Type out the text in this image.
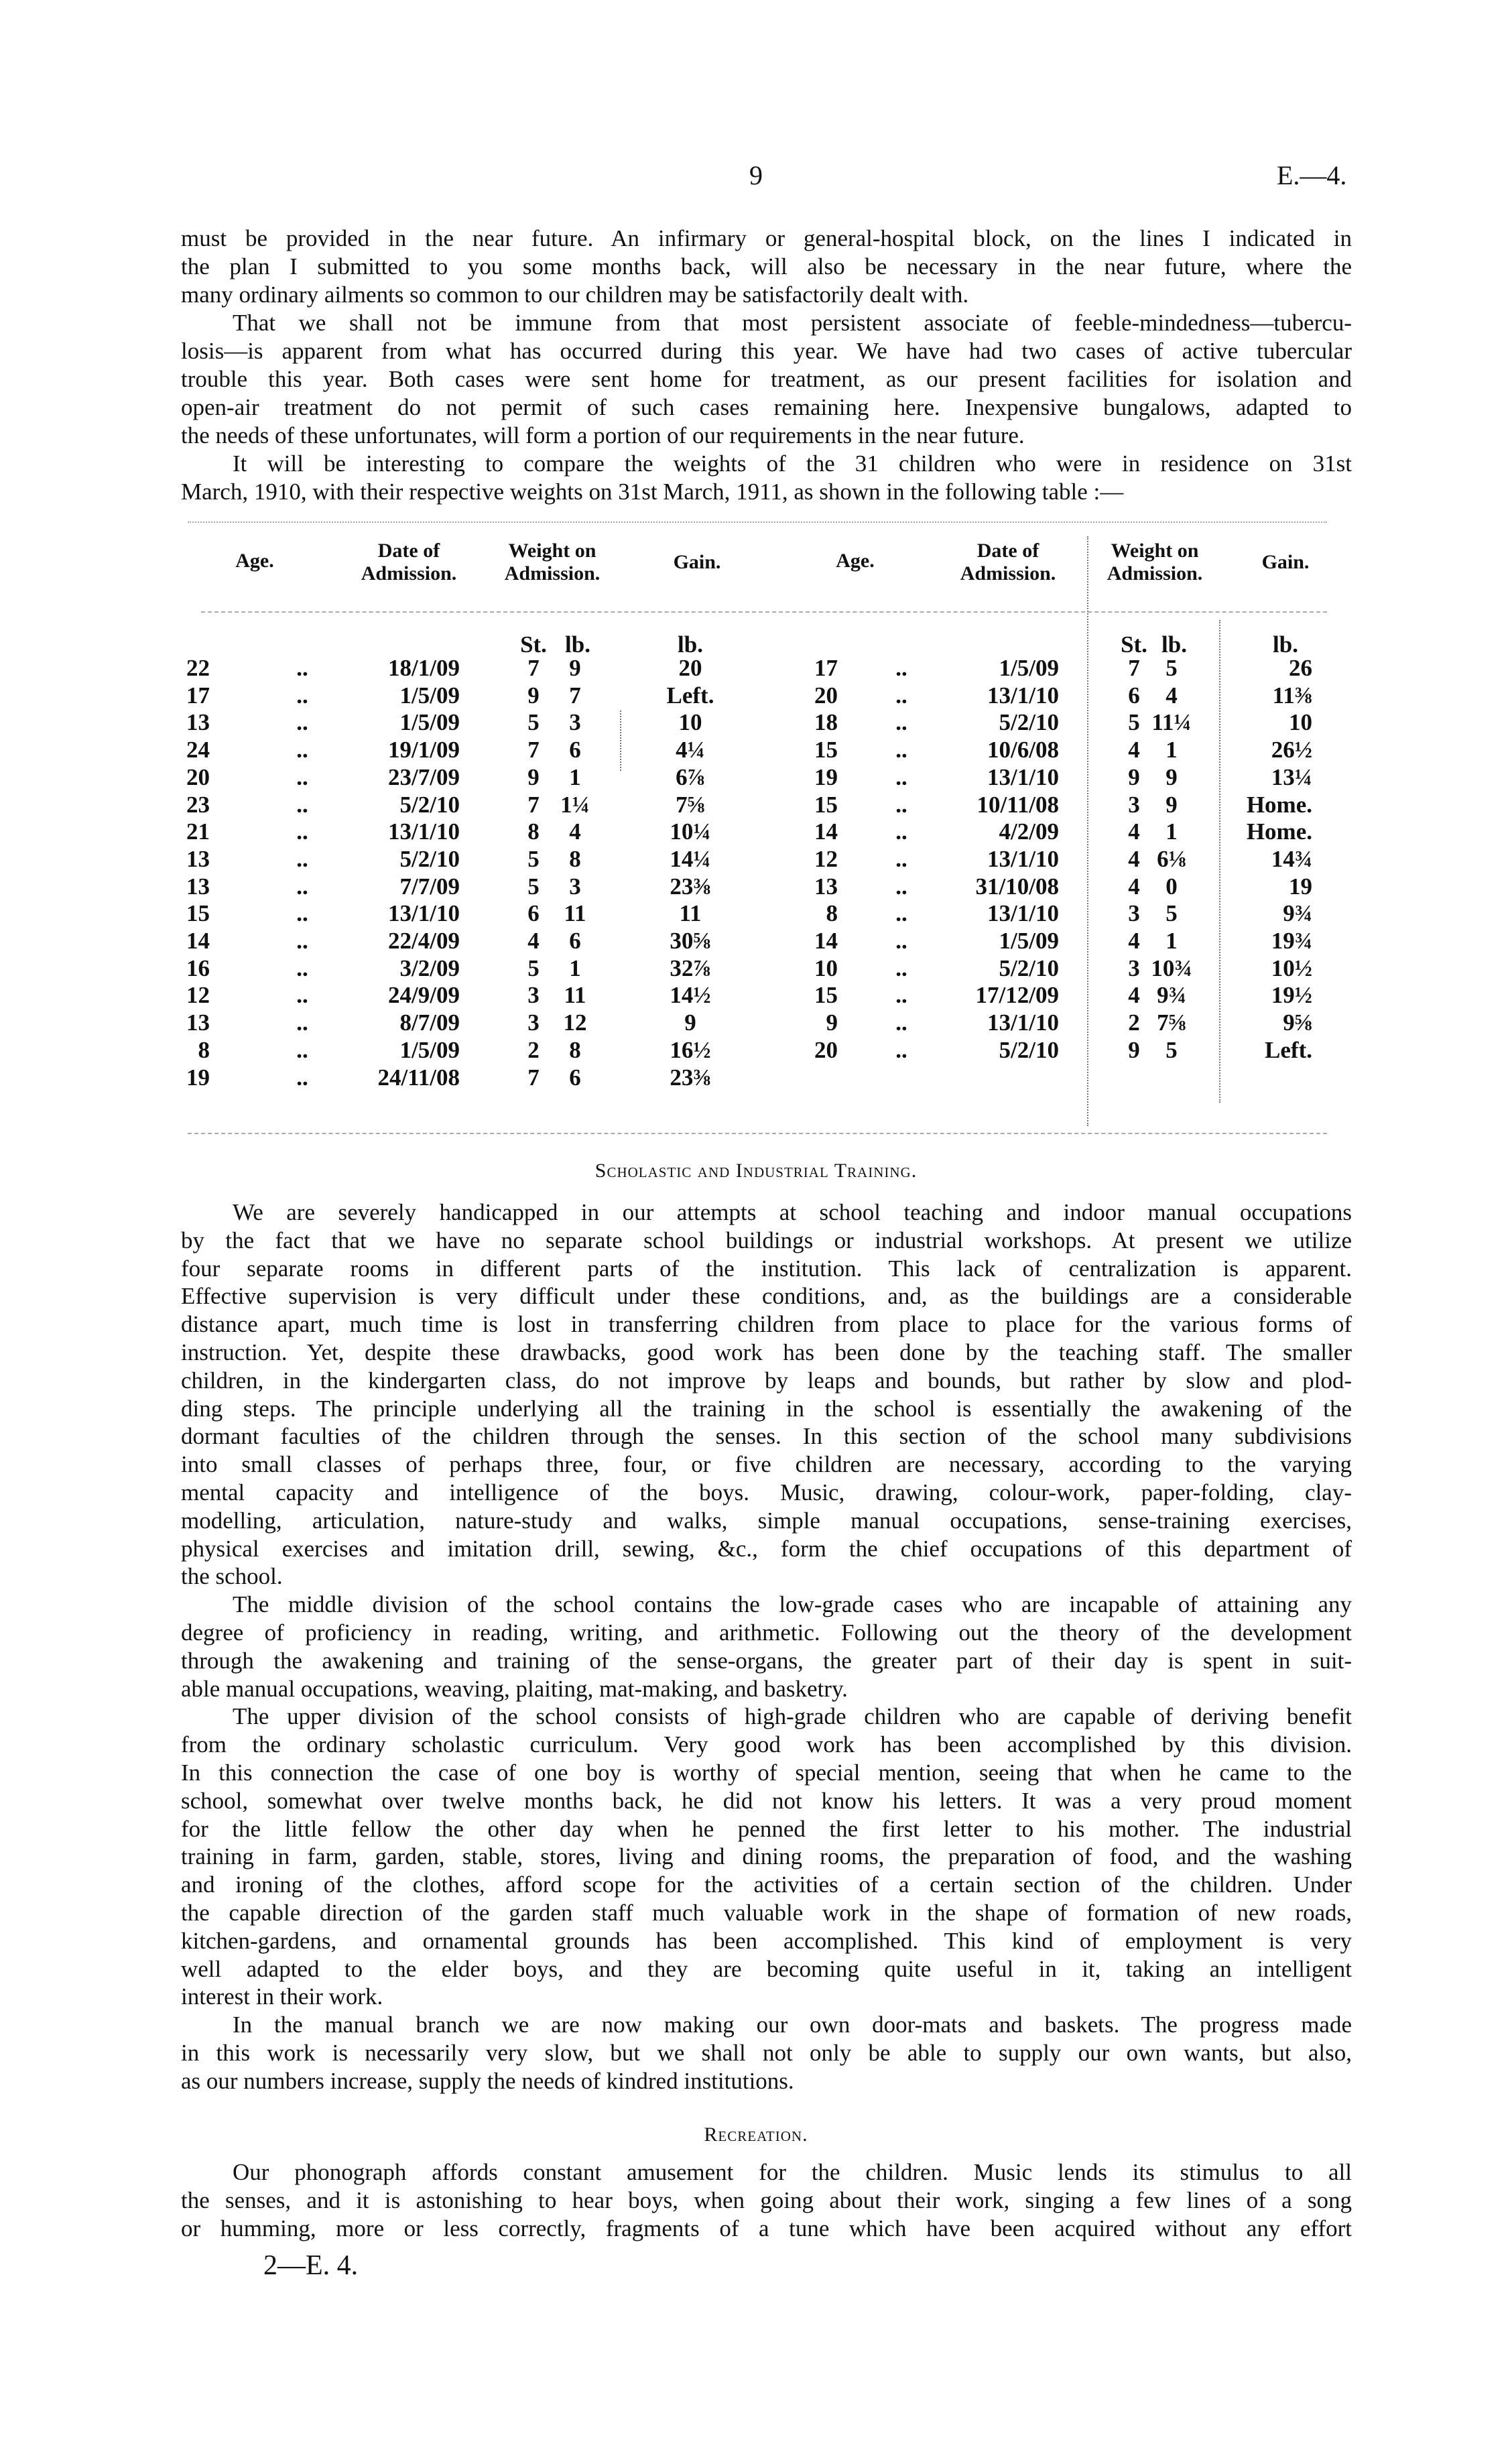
9	E.—4.
must be provided in the near future. An infirmary or general-hospital block, on the lines I indicated in
the plan I submitted to you some months back, will also be necessary in the near future, where the
many ordinary ailments so common to our children may be satisfactorily dealt with.
That we shall not be immune from that most persistent associate of feeble-mindedness—tubercu-
losis—is apparent from what has occurred during this year. We have had two cases of active tubercular
trouble this year. Both cases were sent home for treatment, as our present facilities for isolation and
open-air treatment do not permit of such cases remaining here. Inexpensive bungalows, adapted to
the needs of these unfortunates, will form a portion of our requirements in the near future.
It will be interesting to compare the weights of the 31 children who were in residence on 31st
March, 1910, with their respective weights on 31st March, 1911, as shown in the following table :—
Age.	Date of
Admission.
Weight on
Admission.
Gain.
St. lb.	lb.
22	..	18/1/09	7	9	20
17	..	1/5/09	9	7	Left.
13	..	1/5/09	5	3	10
24	..	19/1/09	7	6	4¼
20	..	23/7/09	9	1	6⅞
23	..	5/2/10	7 1¼	7⅝
21	..	13/1/10	8	4	10¼
13	..	5/2/10	5	8	14¼
13	..	7/7/09	5	3	23⅜
15	..	13/1/10	6	11	11
14	..	22/4/09	4	6	30⅝
16	..	3/2/09	5	1	32⅞
12	..	24/9/09	3	11	14½
13	..	8/7/09	3	12	9
8	..	1/5/09	2	8	16½
19	..	24/11/08	7	6	23⅜
Age.	Date of
Admission.
Weight on
Admission.
Gain.
St. lb.	lb.
17	..	1/5/09	7	5	26
20	..	13/1/10	6	4	11⅜
18	..	5/2/10	5 11¼	10
15	..	10/6/08	4	1	26½
19	..	13/1/10	9	9	13¼
15	..	10/11/08	3	9	Home.
14	..	4/2/09	4	1	Home.
12	..	13/1/10	4 6⅛	14¾
13	..	31/10/08	4	0	19
8	..	13/1/10	3	5	9¾
14	..	1/5/09	4	1	19¾
10	..	5/2/10	3 10¾	10½
15	..	17/12/09	4 9¾	19½
9	..	13/1/10	2 7⅝	9⅝
20	..	5/2/10	9	5	Left.
Scholastic and Industrial Training.
We are severely handicapped in our attempts at school teaching and indoor manual occupations
by the fact that we have no separate school buildings or industrial workshops. At present we utilize
four separate rooms in different parts of the institution. This lack of centralization is apparent.
Effective supervision is very difficult under these conditions, and, as the buildings are a considerable
distance apart, much time is lost in transferring children from place to place for the various forms of
instruction. Yet, despite these drawbacks, good work has been done by the teaching staff. The smaller
children, in the kindergarten class, do not improve by leaps and bounds, but rather by slow and plod-
ding steps. The principle underlying all the training in the school is essentially the awakening of the
dormant faculties of the children through the senses. In this section of the school many subdivisions
into small classes of perhaps three, four, or five children are necessary, according to the varying
mental capacity and intelligence of the boys. Music, drawing, colour-work, paper-folding, clay-
modelling, articulation, nature-study and walks, simple manual occupations, sense-training exercises,
physical exercises and imitation drill, sewing, &c., form the chief occupations of this department of
the school.
The middle division of the school contains the low-grade cases who are incapable of attaining any
degree of proficiency in reading, writing, and arithmetic. Following out the theory of the development
through the awakening and training of the sense-organs, the greater part of their day is spent in suit-
able manual occupations, weaving, plaiting, mat-making, and basketry.
The upper division of the school consists of high-grade children who are capable of deriving benefit
from the ordinary scholastic curriculum. Very good work has been accomplished by this division.
In this connection the case of one boy is worthy of special mention, seeing that when he came to the
school, somewhat over twelve months back, he did not know his letters. It was a very proud moment
for the little fellow the other day when he penned the first letter to his mother. The industrial
training in farm, garden, stable, stores, living and dining rooms, the preparation of food, and the washing
and ironing of the clothes, afford scope for the activities of a certain section of the children. Under
the capable direction of the garden staff much valuable work in the shape of formation of new roads,
kitchen-gardens, and ornamental grounds has been accomplished. This kind of employment is very
well adapted to the elder boys, and they are becoming quite useful in it, taking an intelligent
interest in their work.
In the manual branch we are now making our own door-mats and baskets. The progress made
in this work is necessarily very slow, but we shall not only be able to supply our own wants, but also,
as our numbers increase, supply the needs of kindred institutions.
Recreation.
Our phonograph affords constant amusement for the children. Music lends its stimulus to all
the senses, and it is astonishing to hear boys, when going about their work, singing a few lines of a song
or humming, more or less correctly, fragments of a tune which have been acquired without any effort
2—E. 4.
